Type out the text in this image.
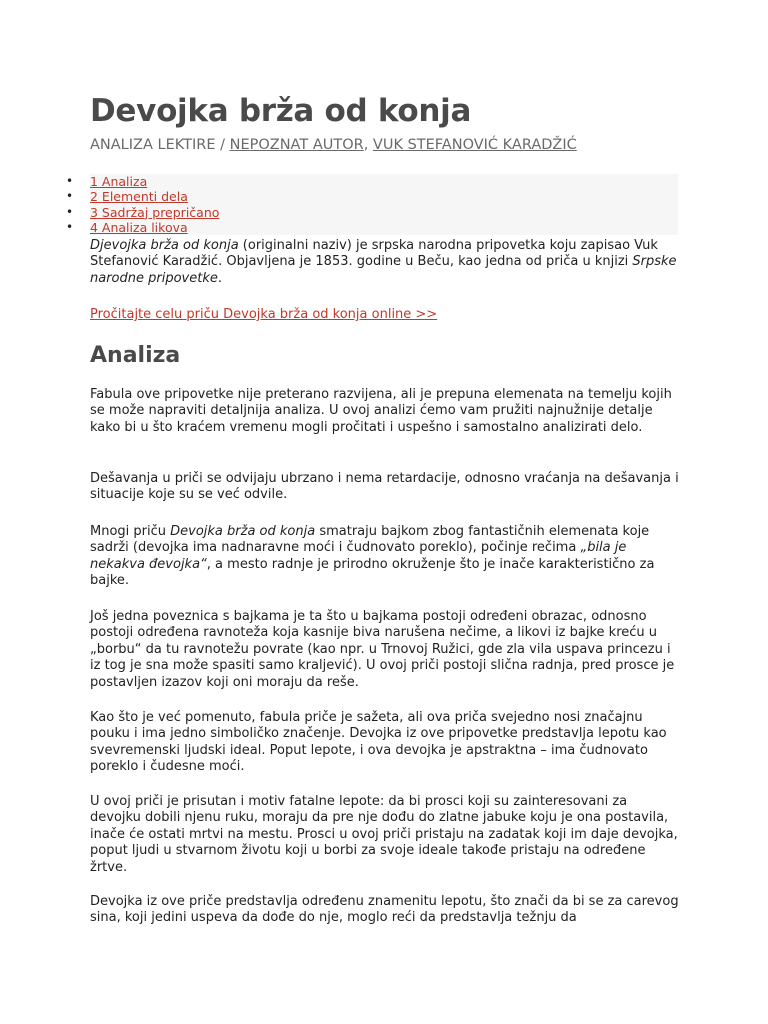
Devojka brža od konja
ANALIZA LEKTIRE / NEPOZNAT AUTOR, VUK STEFANOVIĆ KARADŽIĆ
• 1 Analiza
• 2 Elementi dela
• 3 Sadržaj prepričano
• 4 Analiza likova

Djevojka brža od konja (originalni naziv) je srpska narodna pripovetka koju zapisao Vuk Stefanović Karadžić. Objavljena je 1853. godine u Beču, kao jedna od priča u knjizi Srpske narodne pripovetke.

Pročitajte celu priču Devojka brža od konja online >>

Analiza

Fabula ove pripovetke nije preterano razvijena, ali je prepuna elemenata na temelju kojih se može napraviti detaljnija analiza. U ovoj analizi ćemo vam pružiti najnužnije detalje kako bi u što kraćem vremenu mogli pročitati i uspešno i samostalno analizirati delo.

Dešavanja u priči se odvijaju ubrzano i nema retardacije, odnosno vraćanja na dešavanja i situacije koje su se već odvile.

Mnogi priču Devojka brža od konja smatraju bajkom zbog fantastičnih elemenata koje sadrži (devojka ima nadnaravne moći i čudnovato poreklo), počinje rečima „bila je nekakva đevojka“, a mesto radnje je prirodno okruženje što je inače karakteristično za bajke.

Još jedna poveznica s bajkama je ta što u bajkama postoji određeni obrazac, odnosno postoji određena ravnoteža koja kasnije biva narušena nečime, a likovi iz bajke kreću u „borbu“ da tu ravnotežu povrate (kao npr. u Trnovoj Ružici, gde zla vila uspava princezu i iz tog je sna može spasiti samo kraljević). U ovoj priči postoji slična radnja, pred prosce je postavljen izazov koji oni moraju da reše.

Kao što je već pomenuto, fabula priče je sažeta, ali ova priča svejedno nosi značajnu pouku i ima jedno simboličko značenje. Devojka iz ove pripovetke predstavlja lepotu kao svevremenski ljudski ideal. Poput lepote, i ova devojka je apstraktna – ima čudnovato poreklo i čudesne moći.

U ovoj priči je prisutan i motiv fatalne lepote: da bi prosci koji su zainteresovani za devojku dobili njenu ruku, moraju da pre nje dođu do zlatne jabuke koju je ona postavila, inače će ostati mrtvi na mestu. Prosci u ovoj priči pristaju na zadatak koji im daje devojka, poput ljudi u stvarnom životu koji u borbi za svoje ideale takođe pristaju na određene žrtve.

Devojka iz ove priče predstavlja određenu znamenitu lepotu, što znači da bi se za carevog sina, koji jedini uspeva da dođe do nje, moglo reći da predstavlja težnju da
